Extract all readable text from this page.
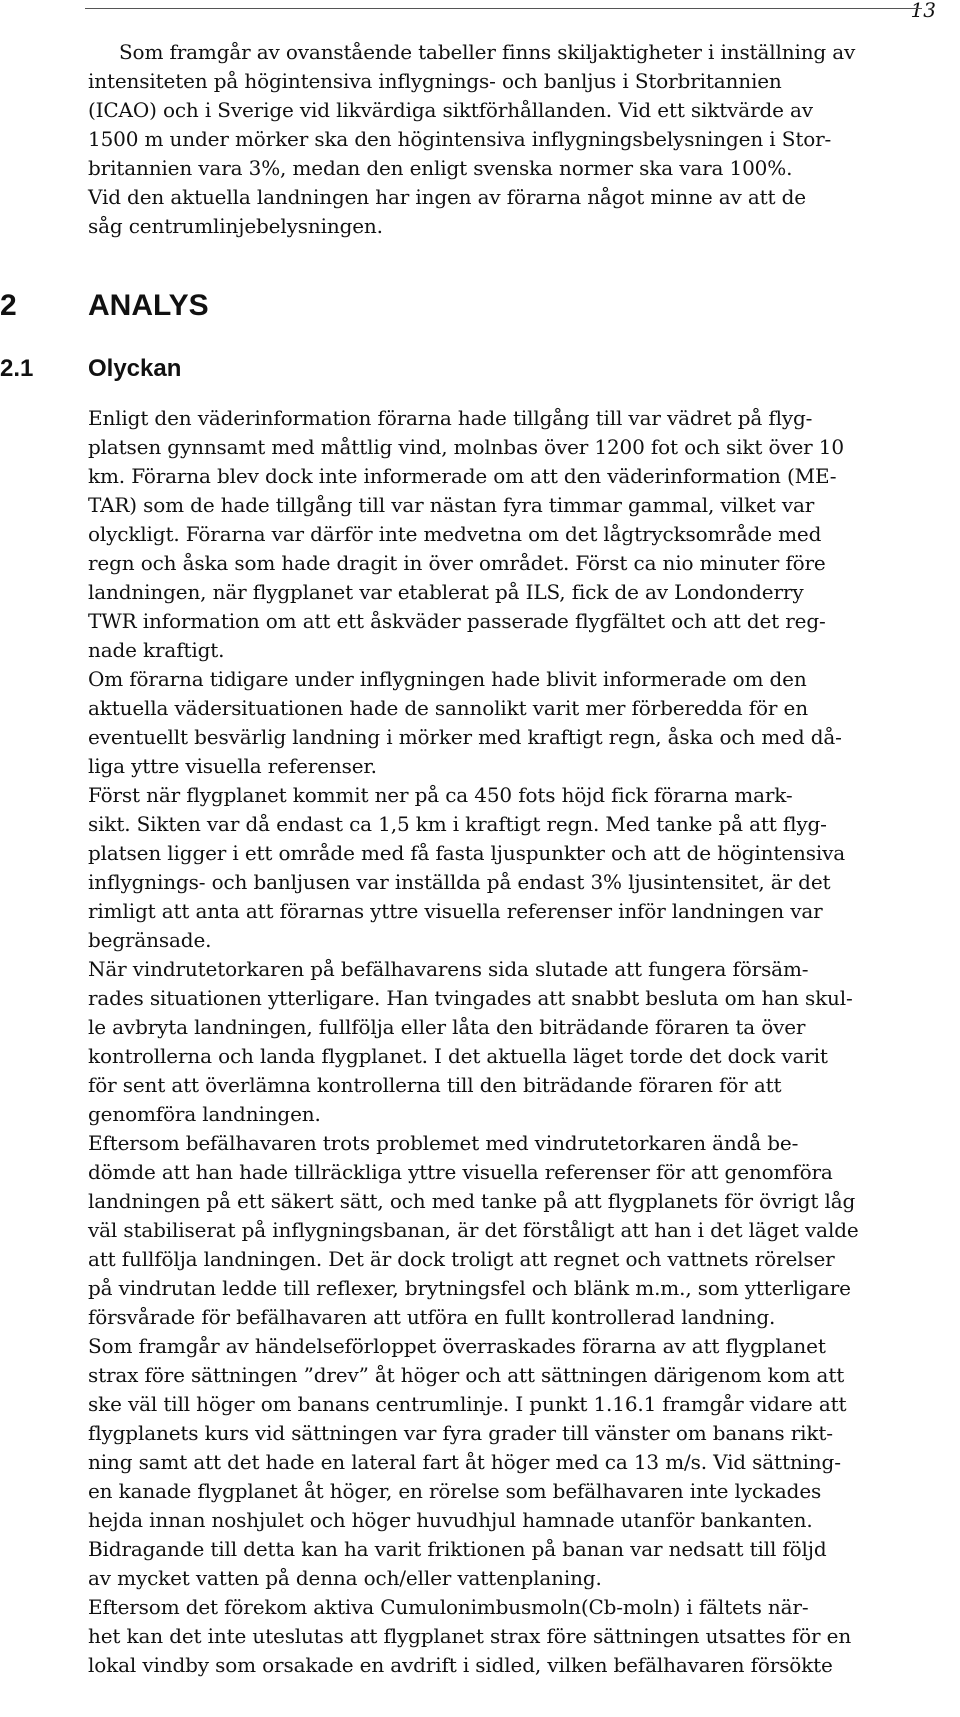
13

Som framgår av ovanstående tabeller finns skiljaktigheter i inställning av
intensiteten på högintensiva inflygnings- och banljus i Storbritannien
(ICAO) och i Sverige vid likvärdiga siktförhållanden. Vid ett siktvärde av
1500 m under mörker ska den högintensiva inflygningsbelysningen i Stor-
britannien vara 3%, medan den enligt svenska normer ska vara 100%.

Vid den aktuella landningen har ingen av förarna något minne av att de
såg centrumlinjebelysningen.

2	ANALYS
2.1	Olyckan

Enligt den väderinformation förarna hade tillgång till var vädret på flyg-
platsen gynnsamt med måttlig vind, molnbas över 1200 fot och sikt över 10
km. Förarna blev dock inte informerade om att den väderinformation (ME-
TAR) som de hade tillgång till var nästan fyra timmar gammal, vilket var
olyckligt. Förarna var därför inte medvetna om det lågtrycksområde med
regn och åska som hade dragit in över området. Först ca nio minuter före
landningen, när flygplanet var etablerat på ILS, fick de av Londonderry
TWR information om att ett åskväder passerade flygfältet och att det reg-
nade kraftigt.

Om förarna tidigare under inflygningen hade blivit informerade om den
aktuella vädersituationen hade de sannolikt varit mer förberedda för en
eventuellt besvärlig landning i mörker med kraftigt regn, åska och med då-
liga yttre visuella referenser.

Först när flygplanet kommit ner på ca 450 fots höjd fick förarna mark-
sikt. Sikten var då endast ca 1,5 km i kraftigt regn. Med tanke på att flyg-
platsen ligger i ett område med få fasta ljuspunkter och att de högintensiva
inflygnings- och banljusen var inställda på endast 3% ljusintensitet, är det
rimligt att anta att förarnas yttre visuella referenser inför landningen var
begränsade.

När vindrutetorkaren på befälhavarens sida slutade att fungera försäm-
rades situationen ytterligare. Han tvingades att snabbt besluta om han skul-
le avbryta landningen, fullfölja eller låta den biträdande föraren ta över
kontrollerna och landa flygplanet. I det aktuella läget torde det dock varit
för sent att överlämna kontrollerna till den biträdande föraren för att
genomföra landningen.

Eftersom befälhavaren trots problemet med vindrutetorkaren ändå be-
dömde att han hade tillräckliga yttre visuella referenser för att genomföra
landningen på ett säkert sätt, och med tanke på att flygplanets för övrigt låg
väl stabiliserat på inflygningsbanan, är det förståligt att han i det läget valde
att fullfölja landningen. Det är dock troligt att regnet och vattnets rörelser
på vindrutan ledde till reflexer, brytningsfel och blänk m.m., som ytterligare
försvårade för befälhavaren att utföra en fullt kontrollerad landning.

Som framgår av händelseförloppet överraskades förarna av att flygplanet
strax före sättningen ”drev” åt höger och att sättningen därigenom kom att
ske väl till höger om banans centrumlinje. I punkt 1.16.1 framgår vidare att
flygplanets kurs vid sättningen var fyra grader till vänster om banans rikt-
ning samt att det hade en lateral fart åt höger med ca 13 m/s. Vid sättning-
en kanade flygplanet åt höger, en rörelse som befälhavaren inte lyckades
hejda innan noshjulet och höger huvudhjul hamnade utanför bankanten.
Bidragande till detta kan ha varit friktionen på banan var nedsatt till följd
av mycket vatten på denna och/eller vattenplaning.

Eftersom det förekom aktiva Cumulonimbusmoln(Cb-moln) i fältets när-
het kan det inte uteslutas att flygplanet strax före sättningen utsattes för en
lokal vindby som orsakade en avdrift i sidled, vilken befälhavaren försökte
